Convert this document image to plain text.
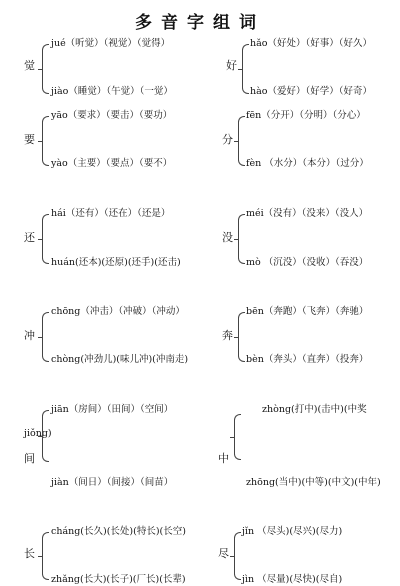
多音字组词
觉
jué（听觉）（视觉）（觉得）
jiào（睡觉）（午觉）（一觉）
好
hǎo（好处）（好事）（好久）
hào（爱好）（好学）（好奇）
要
yāo（要求）（要击）（要功）
yào（主要）（要点）（要不）
分
fēn（分开）（分明）（分心）
fèn （水分）（本分）（过分）
还
hái（还有）（还在）（还是）
huán(还本)(还原)(还手)(还击)
没
méi（没有）（没来）（没人）
mò （沉没）（没收）（吞没）
冲
chōng（冲击）（冲破）（冲动）
chòng(冲劲儿)(味儿冲)(冲南走)
奔
bēn（奔跑）（飞奔）（奔驰）
bèn（奔头）（直奔）（投奔）
jiǒng)
间
jiān（房间）（田间）（空间）
jiàn（间日）（间接）（间苗）
中
zhòng(打中)(击中)(中奖
zhōng(当中)(中等)(中文)(中年)
长
cháng(长久)(长处)(特长)(长空)
zhǎng(长大)(长子)(厂长)(长辈)
尽
jǐn （尽头)(尽兴)(尽力)
jìn （尽量)(尽快)(尽自)
